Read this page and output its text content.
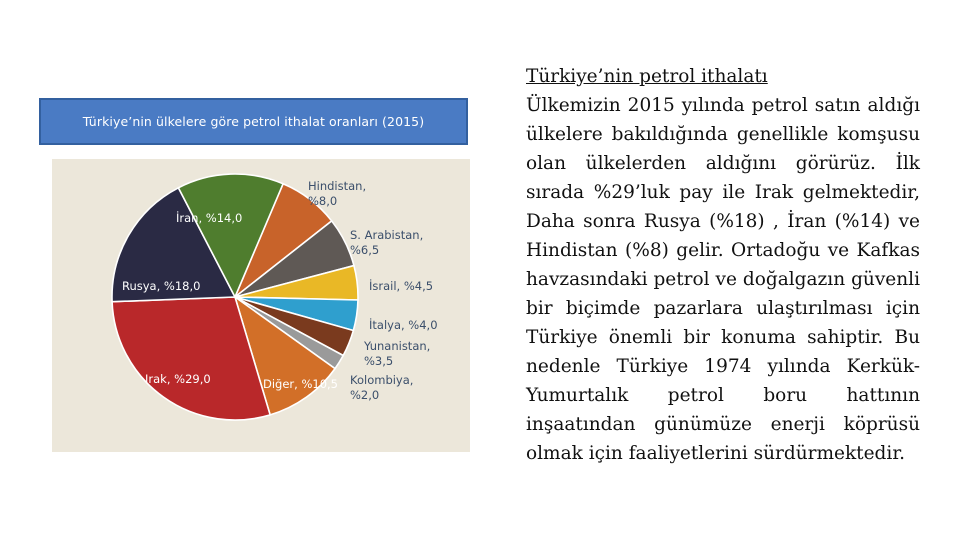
Türkiye’nin ülkelere göre petrol ithalat oranları (2015)
Hindistan, %8,0
S. Arabistan, %6,5
İsrail, %4,5
İtalya, %4,0
Yunanistan, %3,5
Kolombiya, %2,0
Diğer, %10,5
Irak, %29,0
Rusya, %18,0
İran, %14,0
Türkiye’nin petrol ithalatı
Ülkemizin 2015 yılında petrol satın aldığı ülkelere bakıldığında genellikle komşusu olan ülkelerden aldığını görürüz. İlk sırada %29’luk pay ile Irak gelmektedir, Daha sonra Rusya (%18) , İran (%14) ve Hindistan (%8) gelir. Ortadoğu ve Kafkas havzasındaki petrol ve doğalgazın güvenli bir biçimde pazarlara ulaştırılması için Türkiye önemli bir konuma sahiptir. Bu nedenle Türkiye 1974 yılında Kerkük-Yumurtalık petrol boru hattının inşaatından günümüze enerji köprüsü olmak için faaliyetlerini sürdürmektedir.
